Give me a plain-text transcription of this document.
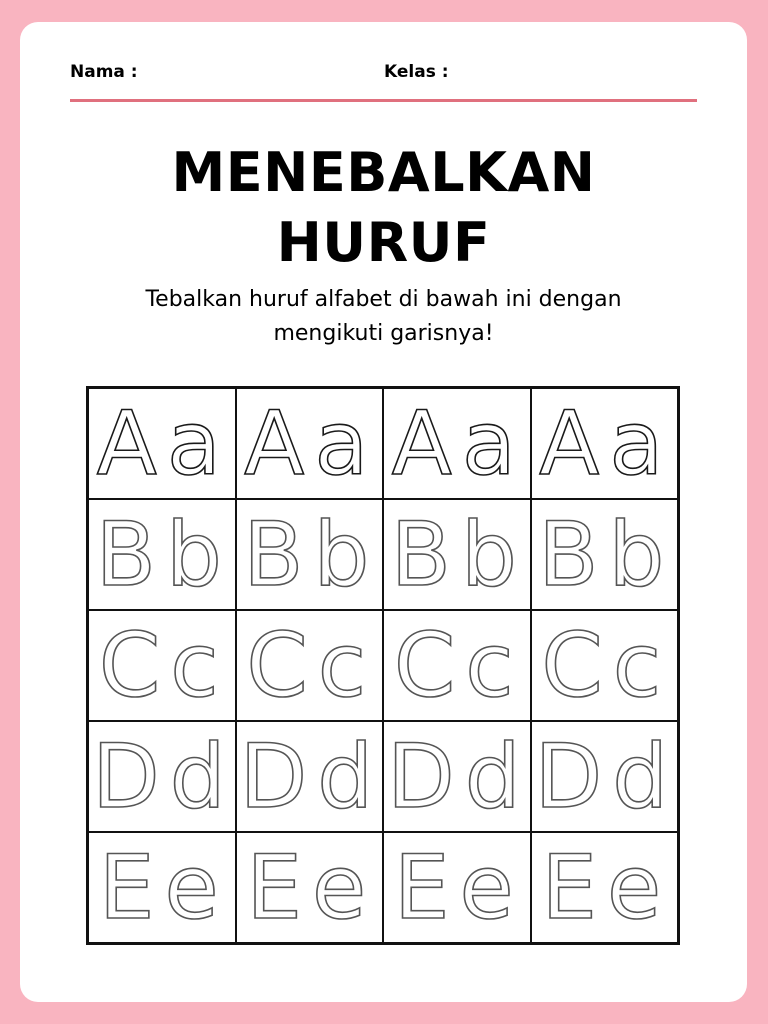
Nama :	Kelas :
MENEBALKAN
HURUF
Tebalkan huruf alfabet di bawah ini dengan
mengikuti garisnya!
Aa Aa Aa Aa
Bb Bb Bb Bb
Cc Cc Cc Cc
Dd Dd Dd Dd
Ee Ee Ee Ee
